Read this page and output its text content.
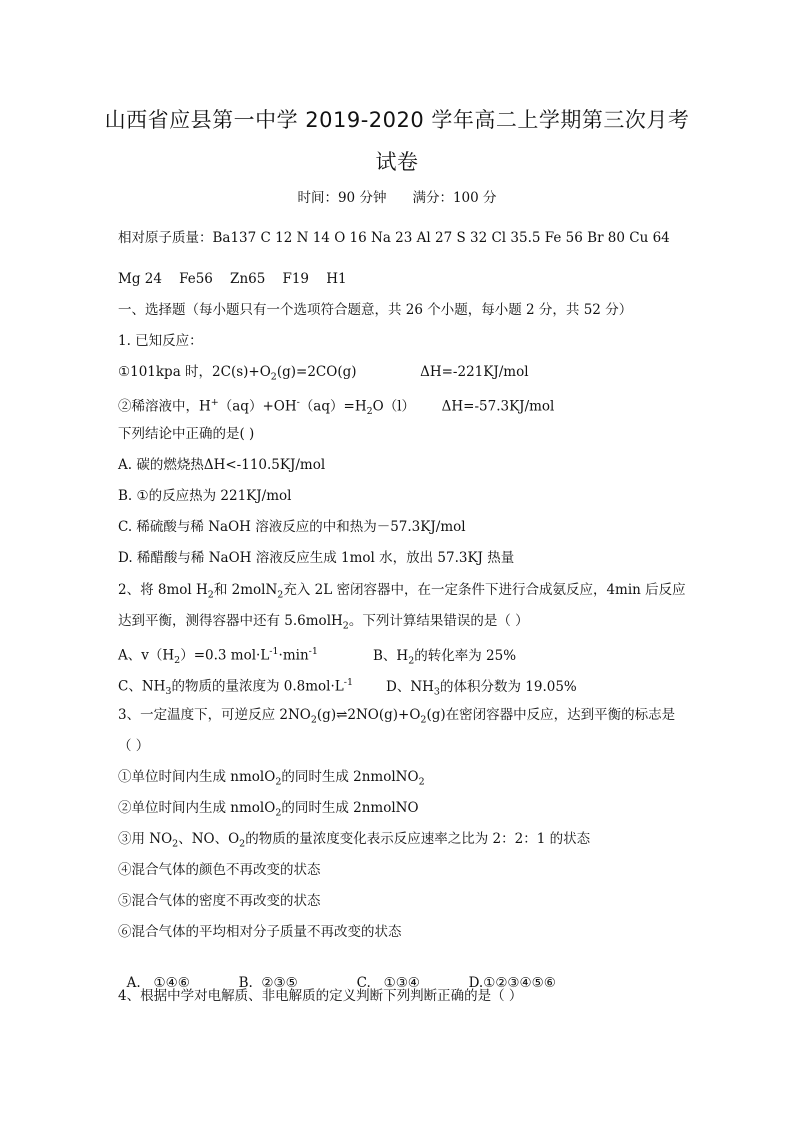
山西省应县第一中学 2019-2020 学年高二上学期第三次月考
试卷
时间：90 分钟 满分：100 分
相对原子质量：Ba137 C 12 N 14 O 16 Na 23 Al 27 S 32 Cl 35.5 Fe 56 Br 80 Cu 64
Mg 24    Fe56    Zn65    F19    H1
一、选择题（每小题只有一个选项符合题意，共 26 个小题，每小题 2 分，共 52 分）
1. 已知反应：
①101kpa 时，$2C(s)+O_2(g)=2CO(g)$	ΔH=-221KJ/mol
②稀溶液中，$H^+(aq)+OH^-(aq)=H_2O(l)$ ΔH=-57.3KJ/mol
下列结论中正确的是( )
A. 碳的燃烧热ΔH<-110.5KJ/mol
B. ①的反应热为 221KJ/mol
C. 稀硫酸与稀 NaOH 溶液反应的中和热为－57.3KJ/mol
D. 稀醋酸与稀 NaOH 溶液反应生成 1mol 水，放出 57.3KJ 热量
2、将 8mol $H_2$和 2molN$_2$充入 2L 密闭容器中，在一定条件下进行合成氨反应，4min 后反应
达到平衡，测得容器中还有 5.6molH$_2$。下列计算结果错误的是（ ）
A、$v(H_2)=0.3$ $mol\cdot L^{-1}\cdot\min^{-1}$	B、$H_2$的转化率为 25%
C、$NH_3$的物质的量浓度为 $0.8mol\cdot L^{-1}$ D、$NH_3$的体积分数为 19.05%
3、一定温度下，可逆反应 $2NO_2(g)\rightleftharpoons 2NO(g)+O_2(g)$在密闭容器中反应，达到平衡的标志是
（ ）
①单位时间内生成 nmolO$_2$的同时生成 2nmolNO$_2$
②单位时间内生成 nmolO$_2$的同时生成 2nmolNO
③用 $NO_2$、NO、$O_2$的物质的量浓度变化表示反应速率之比为 2：2：1 的状态
④混合气体的颜色不再改变的状态
⑤混合气体的密度不再改变的状态
⑥混合气体的平均相对分子质量不再改变的状态

A.   ①④⑥	B.  ②③⑤	C.   ①③④	D.①②③④⑤⑥

4、根据中学对电解质、非电解质的定义判断下列判断正确的是（ ）
